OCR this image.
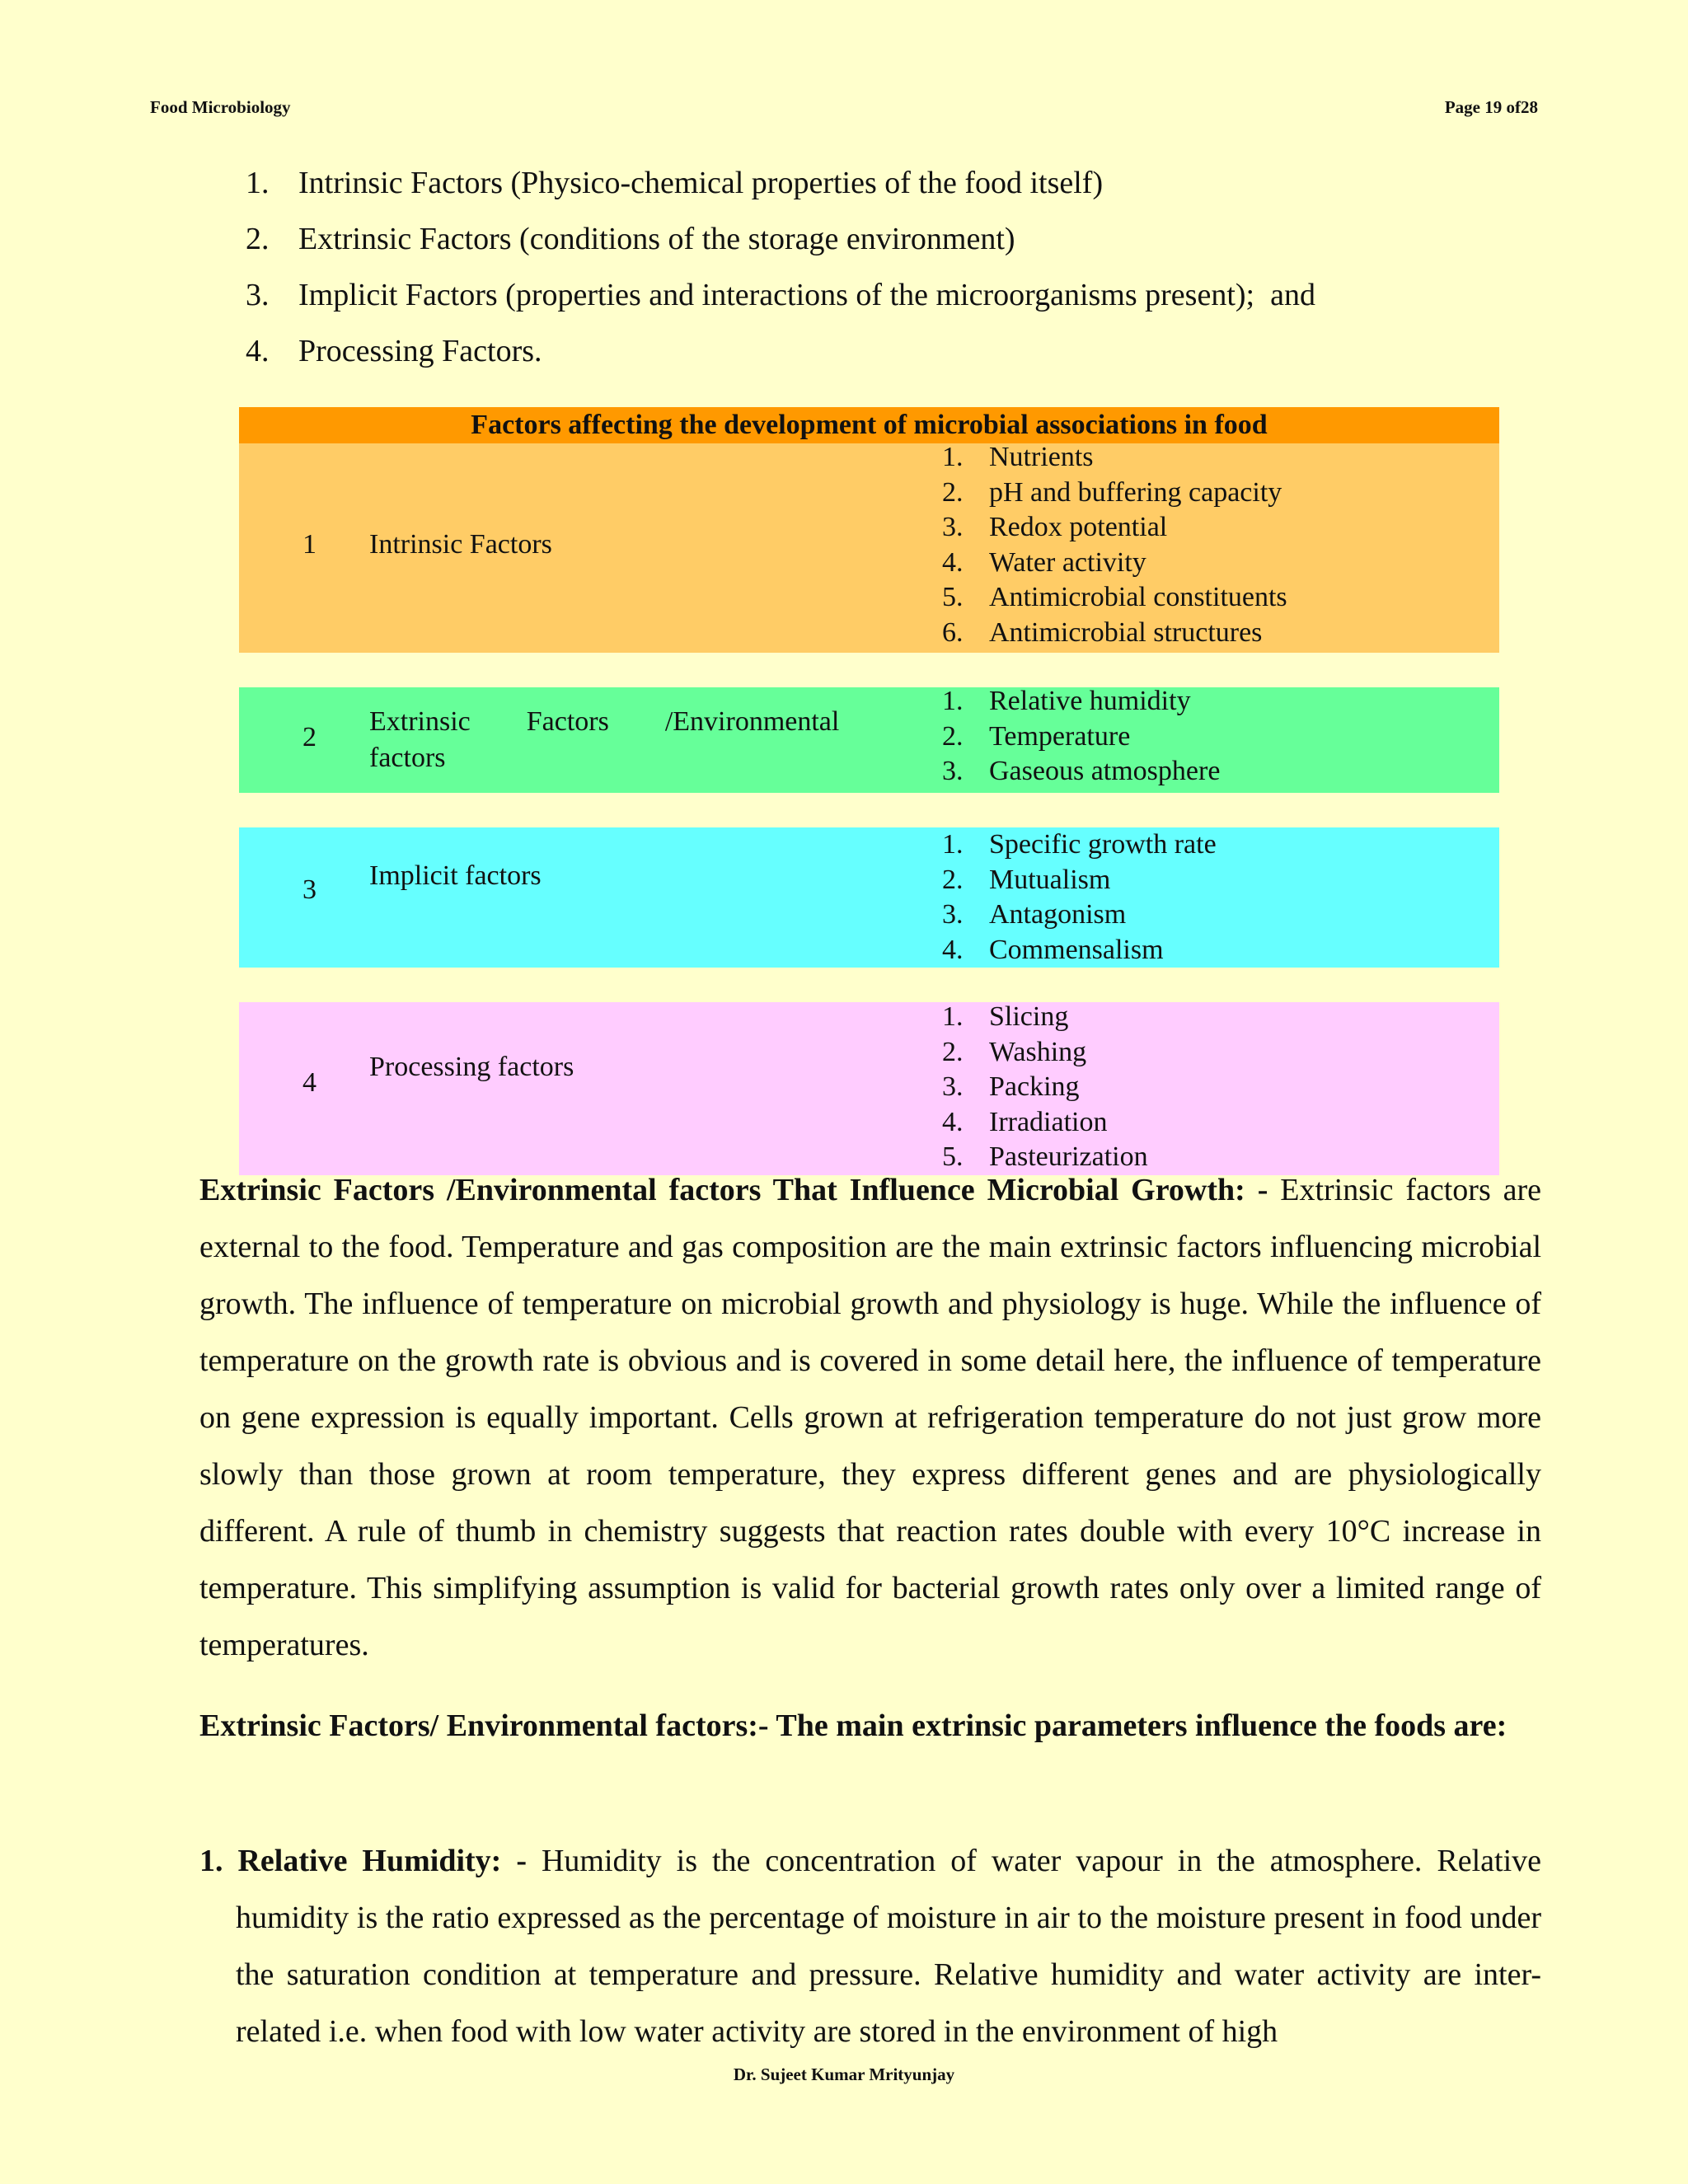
Food Microbiology	Page 19 of28
1. Intrinsic Factors (Physico-chemical properties of the food itself)
2. Extrinsic Factors (conditions of the storage environment)
3. Implicit Factors (properties and interactions of the microorganisms present);  and
4. Processing Factors.
Factors affecting the development of microbial associations in food
1 Intrinsic Factors
1. Nutrients
2. pH and buffering capacity
3. Redox potential
4. Water activity
5. Antimicrobial constituents
6. Antimicrobial structures
2
Extrinsic        Factors        /Environmental
factors
1. Relative humidity
2. Temperature
3. Gaseous atmosphere
3 Implicit factors
1. Specific growth rate
2. Mutualism
3. Antagonism
4. Commensalism
4
Processing factors
1. Slicing
2. Washing
3. Packing
4. Irradiation
5. Pasteurization
Extrinsic Factors /Environmental factors That Influence Microbial Growth: - Extrinsic factors are external to the food. Temperature and gas composition are the main extrinsic factors influencing microbial growth. The influence of temperature on microbial growth and physiology is huge. While the influence of temperature on the growth rate is obvious and is covered in some detail here, the influence of temperature on gene expression is equally important. Cells grown at refrigeration temperature do not just grow more slowly than those grown at room temperature, they express different genes and are physiologically different. A rule of thumb in chemistry suggests that reaction rates double with every 10°C increase in temperature. This simplifying assumption is valid for bacterial growth rates only over a limited range of temperatures.
Extrinsic Factors/ Environmental factors:- The main extrinsic parameters influence the foods are:
1. Relative Humidity: - Humidity is the concentration of water vapour in the atmosphere. Relative humidity is the ratio expressed as the percentage of moisture in air to the moisture present in food under the saturation condition at temperature and pressure. Relative humidity and water activity are inter-related i.e. when food with low water activity are stored in the environment of high
Dr. Sujeet Kumar Mrityunjay
